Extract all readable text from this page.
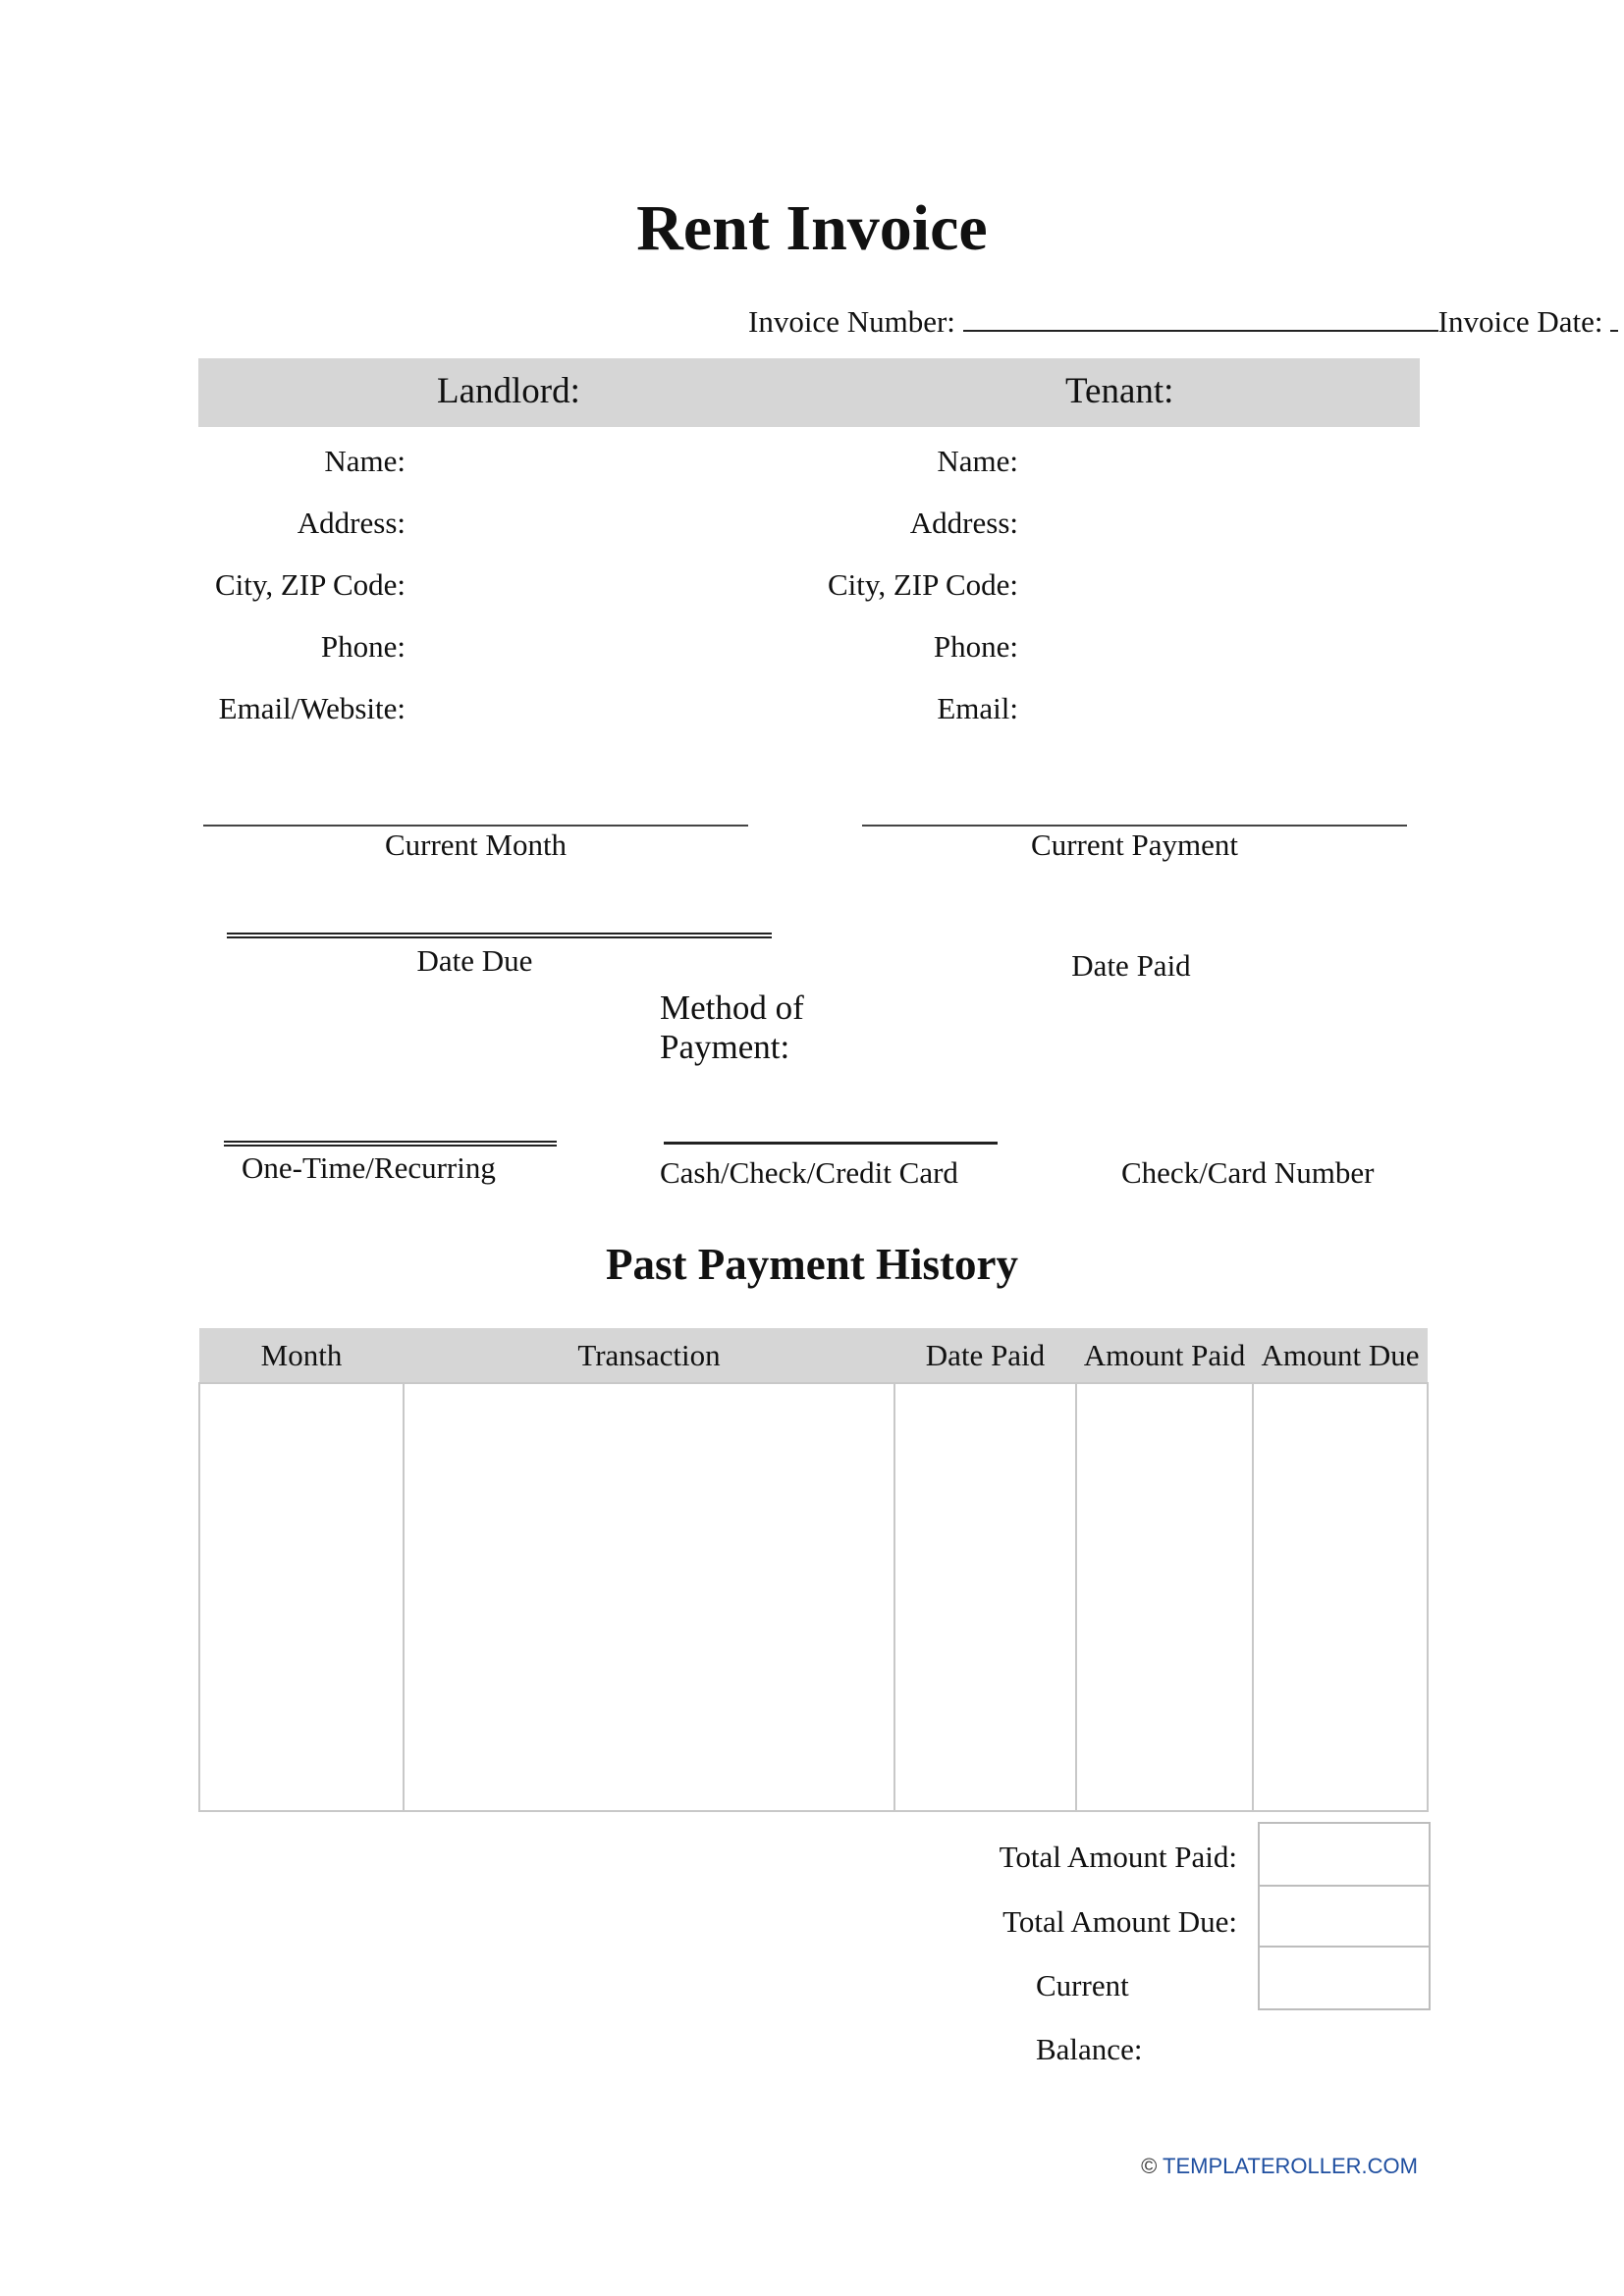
Rent Invoice
Invoice Number:	Invoice Date:
Landlord:	Tenant:
Name:
Address:
City, ZIP Code:
Phone:
Email/Website:
Name:
Address:
City, ZIP Code:
Phone:
Email:
Current Month	Current Payment
Date Due	Date Paid
Method of Payment:
One-Time/Recurring	Cash/Check/Credit Card	Check/Card Number
Past Payment History
Month	Transaction	Date Paid	Amount Paid	Amount Due

Total Amount Paid:
Total Amount Due:
Current
Balance:
© TEMPLATEROLLER.COM
